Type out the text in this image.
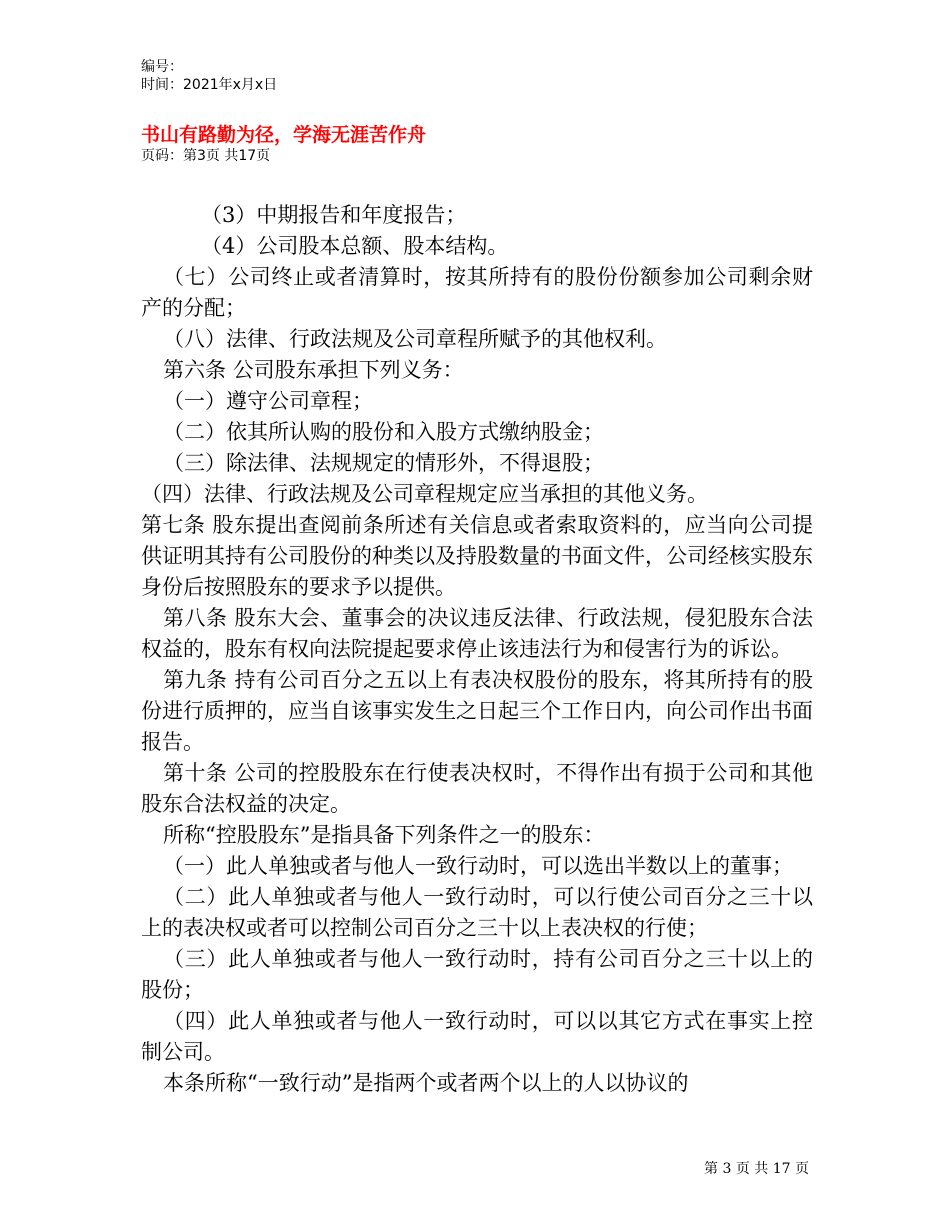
编号：
时间：2021年x月x日
书山有路勤为径，学海无涯苦作舟
页码：第3页 共17页

（3）中期报告和年度报告；

（4）公司股本总额、股本结构。

（七）公司终止或者清算时，按其所持有的股份份额参加公司剩余财产的分配；

（八）法律、行政法规及公司章程所赋予的其他权利。

第六条 公司股东承担下列义务：

（一）遵守公司章程；

（二）依其所认购的股份和入股方式缴纳股金；

（三）除法律、法规规定的情形外，不得退股；

（四）法律、行政法规及公司章程规定应当承担的其他义务。

第七条 股东提出查阅前条所述有关信息或者索取资料的，应当向公司提供证明其持有公司股份的种类以及持股数量的书面文件，公司经核实股东身份后按照股东的要求予以提供。

第八条 股东大会、董事会的决议违反法律、行政法规，侵犯股东合法权益的，股东有权向法院提起要求停止该违法行为和侵害行为的诉讼。

第九条 持有公司百分之五以上有表决权股份的股东，将其所持有的股份进行质押的，应当自该事实发生之日起三个工作日内，向公司作出书面报告。

第十条 公司的控股股东在行使表决权时，不得作出有损于公司和其他股东合法权益的决定。

所称“控股股东”是指具备下列条件之一的股东：

（一）此人单独或者与他人一致行动时，可以选出半数以上的董事；

（二）此人单独或者与他人一致行动时，可以行使公司百分之三十以上的表决权或者可以控制公司百分之三十以上表决权的行使；

（三）此人单独或者与他人一致行动时，持有公司百分之三十以上的股份；

（四）此人单独或者与他人一致行动时，可以以其它方式在事实上控制公司。

本条所称“一致行动”是指两个或者两个以上的人以协议的

第 3 页 共 17 页
